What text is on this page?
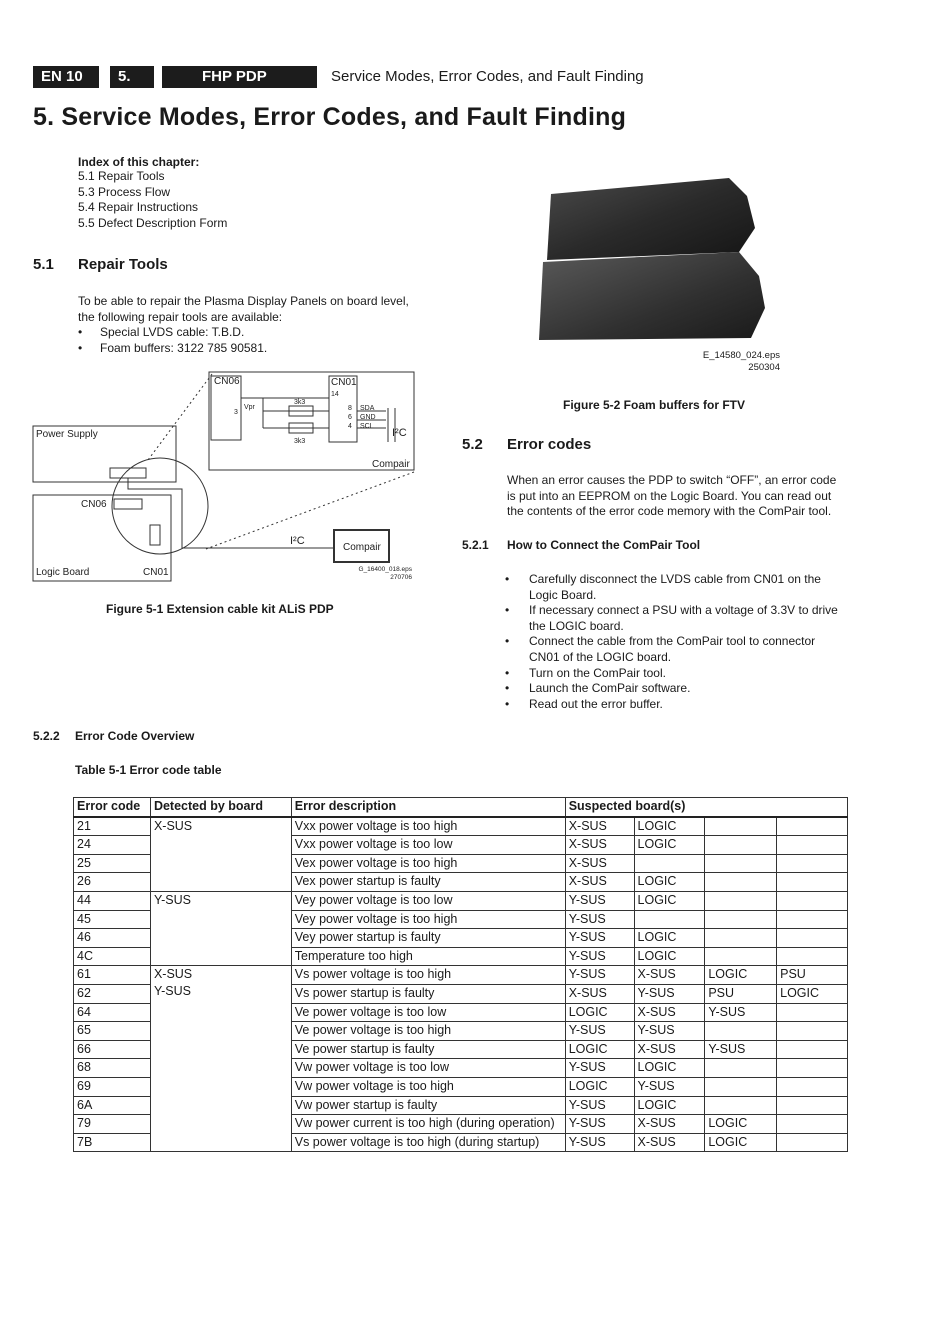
EN 10	5.	FHP PDP	Service Modes, Error Codes, and Fault Finding
5. Service Modes, Error Codes, and Fault Finding
Index of this chapter:
5.1 Repair Tools
5.3 Process Flow
5.4 Repair Instructions
5.5 Defect Description Form
5.1 Repair Tools
To be able to repair the Plasma Display Panels on board level,
the following repair tools are available:
• Special LVDS cable: T.B.D.
• Foam buffers: 3122 785 90581.
CN06	CN01
14
3
Vpr
3k3
3k3
8
6
4
SDA
GND
SCL
I²C
Compair
Power Supply
CN06
Logic Board	CN01
I²C
Compair
G_16400_018.eps
270706
Figure 5-1 Extension cable kit ALiS PDP
E_14580_024.eps
250304
Figure 5-2 Foam buffers for FTV
5.2 Error codes
When an error causes the PDP to switch “OFF”, an error code
is put into an EEPROM on the Logic Board. You can read out
the contents of the error code memory with the ComPair tool.
5.2.1 How to Connect the ComPair Tool
• Carefully disconnect the LVDS cable from CN01 on the
Logic Board.
• If necessary connect a PSU with a voltage of 3.3V to drive
the LOGIC board.
• Connect the cable from the ComPair tool to connector
CN01 of the LOGIC board.
• Turn on the ComPair tool.
• Launch the ComPair software.
• Read out the error buffer.
5.2.2 Error Code Overview
Table 5-1 Error code table
Error code	Detected by board	Error description	Suspected board(s)			
21	X-SUS	Vxx power voltage is too high	X-SUS	LOGIC		
24		Vxx power voltage is too low	X-SUS	LOGIC		
25		Vex power voltage is too high	X-SUS			
26		Vex power startup is faulty	X-SUS	LOGIC		
44	Y-SUS	Vey power voltage is too low	Y-SUS	LOGIC		
45		Vey power voltage is too high	Y-SUS			
46		Vey power startup is faulty	Y-SUS	LOGIC		
4C		Temperature too high	Y-SUS	LOGIC		
61	X-SUS
Y-SUS	Vs power voltage is too high	Y-SUS	X-SUS	LOGIC	PSU
62		Vs power startup is faulty	X-SUS	Y-SUS	PSU	LOGIC
64		Ve power voltage is too low	LOGIC	X-SUS	Y-SUS	
65		Ve power voltage is too high	Y-SUS	Y-SUS		
66		Ve power startup is faulty	LOGIC	X-SUS	Y-SUS	
68		Vw power voltage is too low	Y-SUS	LOGIC		
69		Vw power voltage is too high	LOGIC	Y-SUS		
6A		Vw power startup is faulty	Y-SUS	LOGIC		
79		Vw power current is too high (during operation)	Y-SUS	X-SUS	LOGIC	
7B		Vs power voltage is too high (during startup)	Y-SUS	X-SUS	LOGIC	
